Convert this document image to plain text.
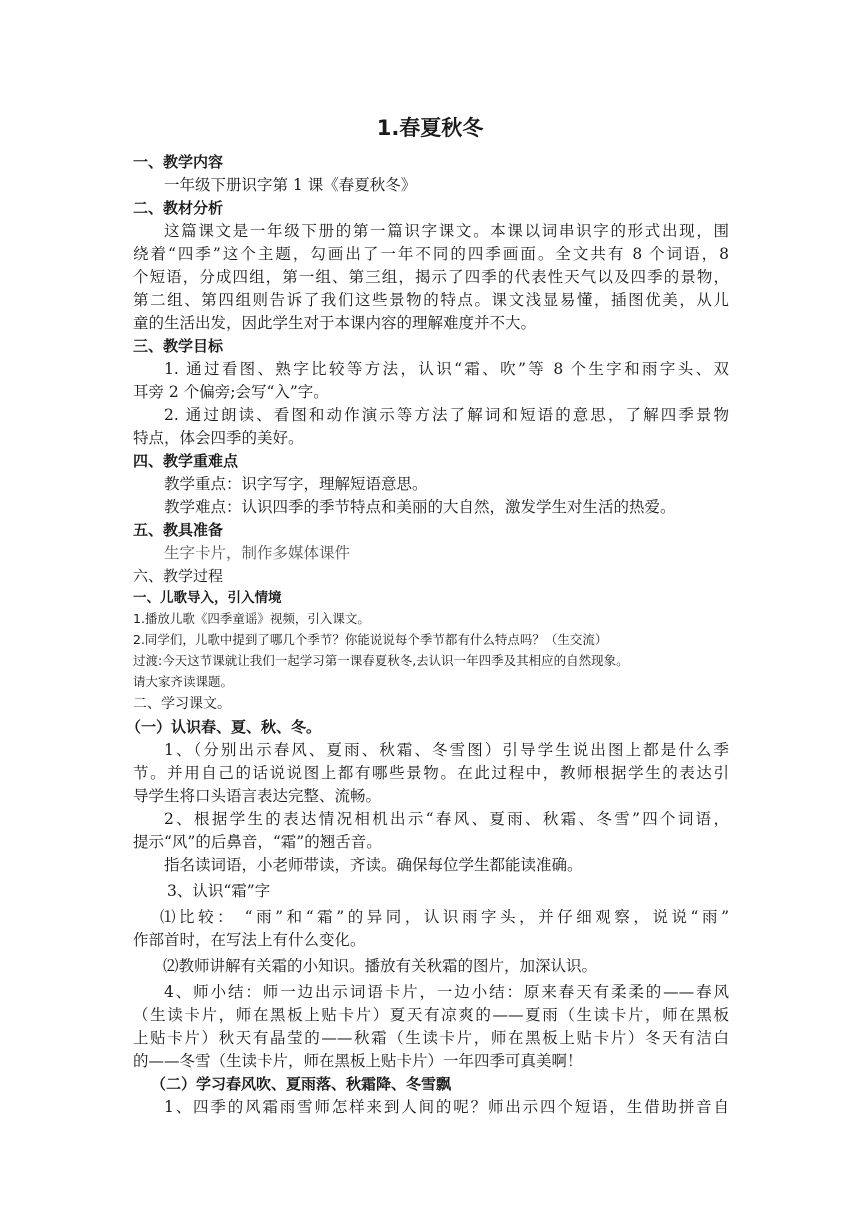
1.春夏秋冬
一、教学内容
一年级下册识字第 1 课《春夏秋冬》
二、教材分析
这篇课文是一年级下册的第一篇识字课文。本课以词串识字的形式出现，围
绕着“四季”这个主题，勾画出了一年不同的四季画面。全文共有 8 个词语，8
个短语，分成四组，第一组、第三组，揭示了四季的代表性天气以及四季的景物，
第二组、第四组则告诉了我们这些景物的特点。课文浅显易懂，插图优美，从儿
童的生活出发，因此学生对于本课内容的理解难度并不大。
三、教学目标
1. 通过看图、熟字比较等方法，认识“霜、吹”等 8 个生字和雨字头、双
耳旁 2 个偏旁;会写“入”字。
2. 通过朗读、看图和动作演示等方法了解词和短语的意思，了解四季景物
特点，体会四季的美好。
四、教学重难点
教学重点：识字写字，理解短语意思。
教学难点：认识四季的季节特点和美丽的大自然，激发学生对生活的热爱。
五、教具准备
生字卡片，制作多媒体课件
六、教学过程
一、儿歌导入，引入情境
1.播放儿歌《四季童谣》视频，引入课文。
2.同学们，儿歌中提到了哪几个季节？你能说说每个季节都有什么特点吗？（生交流）
过渡:今天这节课就让我们一起学习第一课春夏秋冬,去认识一年四季及其相应的自然现象。
请大家齐读课题。
二、学习课文。
（一）认识春、夏、秋、冬。
1、（分别出示春风、夏雨、秋霜、冬雪图）引导学生说出图上都是什么季
节。并用自己的话说说图上都有哪些景物。在此过程中，教师根据学生的表达引
导学生将口头语言表达完整、流畅。
2、根据学生的表达情况相机出示“春风、夏雨、秋霜、冬雪”四个词语，
提示“风”的后鼻音，“霜”的翘舌音。
指名读词语，小老师带读，齐读。确保每位学生都能读准确。
3、认识“霜”字
⑴比较： “雨”和“霜”的异同，认识雨字头，并仔细观察，说说“雨”
作部首时，在写法上有什么变化。
⑵教师讲解有关霜的小知识。播放有关秋霜的图片，加深认识。
4、师小结：师一边出示词语卡片，一边小结：原来春天有柔柔的——春风
（生读卡片，师在黑板上贴卡片）夏天有凉爽的——夏雨（生读卡片，师在黑板
上贴卡片）秋天有晶莹的——秋霜（生读卡片，师在黑板上贴卡片）冬天有洁白
的——冬雪（生读卡片，师在黑板上贴卡片）一年四季可真美啊！
（二）学习春风吹、夏雨落、秋霜降、冬雪飘
1、四季的风霜雨雪师怎样来到人间的呢？师出示四个短语，生借助拼音自
